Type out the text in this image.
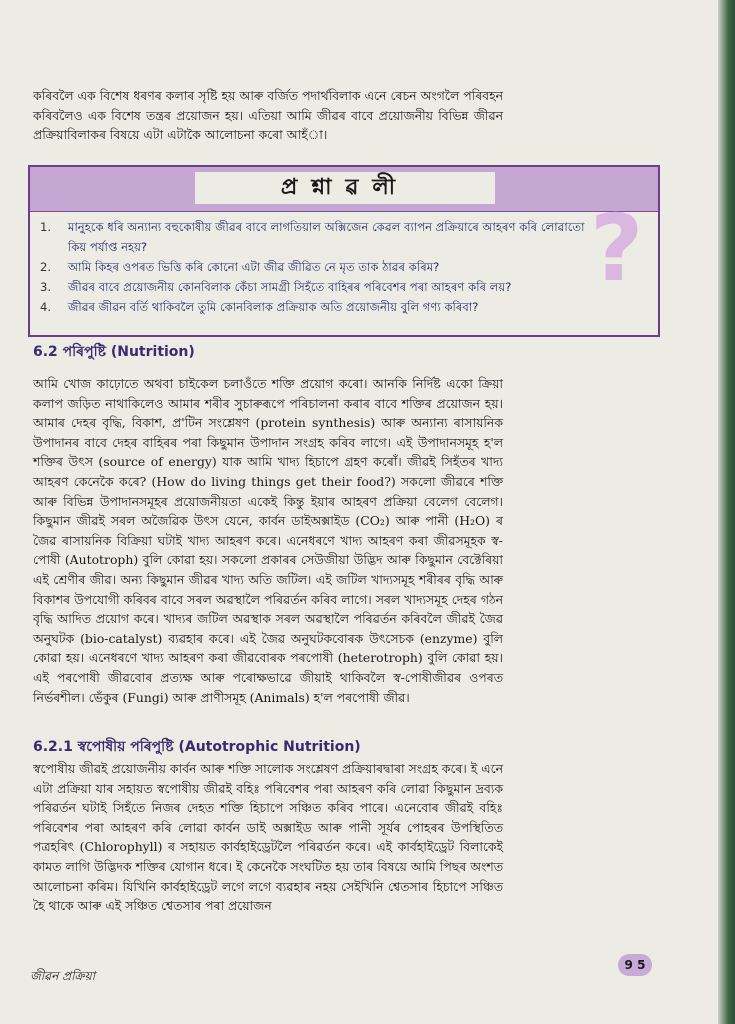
কৰিবলৈ এক বিশেষ ধৰণৰ কলাৰ সৃষ্টি হয় আৰু বৰ্জিত পদাৰ্থবিলাক এনে ৰেচন অংগলৈ পৰিবহন কৰিবলৈও এক বিশেষ তন্ত্ৰৰ প্ৰয়োজন হয়। এতিয়া আমি জীৱৰ বাবে প্ৰয়োজনীয় বিভিন্ন জীৱন প্ৰক্ৰিয়াবিলাকৰ বিষয়ে এটা এটাকৈ আলোচনা কৰো আহঁা।

প্ৰশ্নাৱলী
1. মানুহকে ধৰি অন্যান্য বহুকোষীয় জীৱৰ বাবে লাগতিয়াল অক্সিজেন কেৱল ব্যাপন প্ৰক্ৰিয়াৰে আহৰণ কৰি লোৱাতো কিয় পৰ্যাপ্ত নহয়?
2. আমি কিহৰ ওপৰত ভিত্তি কৰি কোনো এটা জীৱ জীৱিত নে মৃত তাক ঠাৱৰ কৰিম?
3. জীৱৰ বাবে প্ৰয়োজনীয় কোনবিলাক কেঁচা সামগ্ৰী সিহঁতে বাহিৰৰ পৰিবেশৰ পৰা আহৰণ কৰি লয়?
4. জীৱৰ জীৱন বৰ্তি থাকিবলৈ তুমি কোনবিলাক প্ৰক্ৰিয়াক অতি প্ৰয়োজনীয় বুলি গণ্য কৰিবা?
?
6.2 পৰিপুষ্টি (Nutrition)

আমি খোজ কাঢ়োতে অথবা চাইকেল চলাওঁতে শক্তি প্ৰয়োগ কৰো। আনকি নিৰ্দিষ্ট একো ক্ৰিয়া কলাপ জড়িত নাথাকিলেও আমাৰ শৰীৰ সুচাৰুৰূপে পৰিচালনা কৰাৰ বাবে শক্তিৰ প্ৰয়োজন হয়। আমাৰ দেহৰ বৃদ্ধি, বিকাশ, প্ৰ'টিন সংশ্লেষণ (protein synthesis) আৰু অন্যান্য ৰাসায়নিক উপাদানৰ বাবে দেহৰ বাহিৰৰ পৰা কিছুমান উপাদান সংগ্ৰহ কৰিব লাগে। এই উপাদানসমূহ হ'ল শক্তিৰ উৎস (source of energy) যাক আমি খাদ্য হিচাপে গ্ৰহণ কৰোঁ। জীৱই সিহঁতৰ খাদ্য আহৰণ কেনেকৈ কৰে? (How do living things get their food?) সকলো জীৱৰে শক্তি আৰু বিভিন্ন উপাদানসমূহৰ প্ৰয়োজনীয়তা একেই কিন্তু ইয়াৰ আহৰণ প্ৰক্ৰিয়া বেলেগ বেলেগ। কিছুমান জীৱই সৰল অজৈৱিক উৎস যেনে, কাৰ্বন ডাইঅক্সাইড (CO₂) আৰু পানী (H₂O) ৰ জৈৱ ৰাসায়নিক বিক্ৰিয়া ঘটাই খাদ্য আহৰণ কৰে। এনেধৰণে খাদ্য আহৰণ কৰা জীৱসমূহক স্ব-পোষী (Autotroph) বুলি কোৱা হয়। সকলো প্ৰকাৰৰ সেউজীয়া উদ্ভিদ আৰু কিছুমান বেক্টেৰিয়া এই শ্ৰেণীৰ জীৱ। অন্য কিছুমান জীৱৰ খাদ্য অতি জটিল। এই জটিল খাদ্যসমূহ শৰীৰৰ বৃদ্ধি আৰু বিকাশৰ উপযোগী কৰিবৰ বাবে সৰল অৱস্থালৈ পৰিৱৰ্তন কৰিব লাগে। সৰল খাদ্যসমূহ দেহৰ গঠন বৃদ্ধি আদিত প্ৰয়োগ কৰে। খাদ্যৰ জটিল অৱস্থাক সৰল অৱস্থালৈ পৰিৱৰ্তন কৰিবলৈ জীৱই জৈৱ অনুঘটক (bio-catalyst) ব্যৱহাৰ কৰে। এই জৈৱ অনুঘটকবোৰক উৎসেচক (enzyme) বুলি কোৱা হয়। এনেধৰণে খাদ্য আহৰণ কৰা জীৱবোৰক পৰপোষী (heterotroph) বুলি কোৱা হয়। এই পৰপোষী জীৱবোৰ প্ৰত্যক্ষ আৰু পৰোক্ষভাৱে জীয়াই থাকিবলৈ স্ব-পোষীজীৱৰ ওপৰত নিৰ্ভৰশীল। ভেঁকুৰ (Fungi) আৰু প্ৰাণীসমূহ (Animals) হ'ল পৰপোষী জীৱ।

6.2.1 স্বপোষীয় পৰিপুষ্টি (Autotrophic Nutrition)

স্বপোষীয় জীৱই প্ৰয়োজনীয় কাৰ্বন আৰু শক্তি সালোক সংশ্লেষণ প্ৰক্ৰিয়াৰদ্বাৰা সংগ্ৰহ কৰে। ই এনে এটা প্ৰক্ৰিয়া যাৰ সহায়ত স্বপোষীয় জীৱই বহিঃ পৰিবেশৰ পৰা আহৰণ কৰি লোৱা কিছুমান দ্ৰব্যক পৰিৱৰ্তন ঘটাই সিহঁতে নিজৰ দেহত শক্তি হিচাপে সঞ্চিত কৰিব পাৰে। এনেবোৰ জীৱই বহিঃ পৰিবেশৰ পৰা আহৰণ কৰি লোৱা কাৰ্বন ডাই অক্সাইড আৰু পানী সূৰ্যৰ পোহৰৰ উপস্থিতিত পত্ৰহৰিৎ (Chlorophyll) ৰ সহায়ত কাৰ্বহাইড্ৰেটলৈ পৰিৱৰ্তন কৰে। এই কাৰ্বহাইড্ৰেট বিলাকেই কামত লাগি উদ্ভিদক শক্তিৰ যোগান ধৰে। ই কেনেকৈ সংঘটিত হয় তাৰ বিষয়ে আমি পিছৰ অংশত আলোচনা কৰিম। যিখিনি কাৰ্বহাইড্ৰেট লগে লগে ব্যৱহাৰ নহয় সেইখিনি শ্বেতসাৰ হিচাপে সঞ্চিত হৈ থাকে আৰু এই সঞ্চিত শ্বেতসাৰ পৰা প্ৰয়োজন

জীৱন প্ৰক্ৰিয়া
9 5
